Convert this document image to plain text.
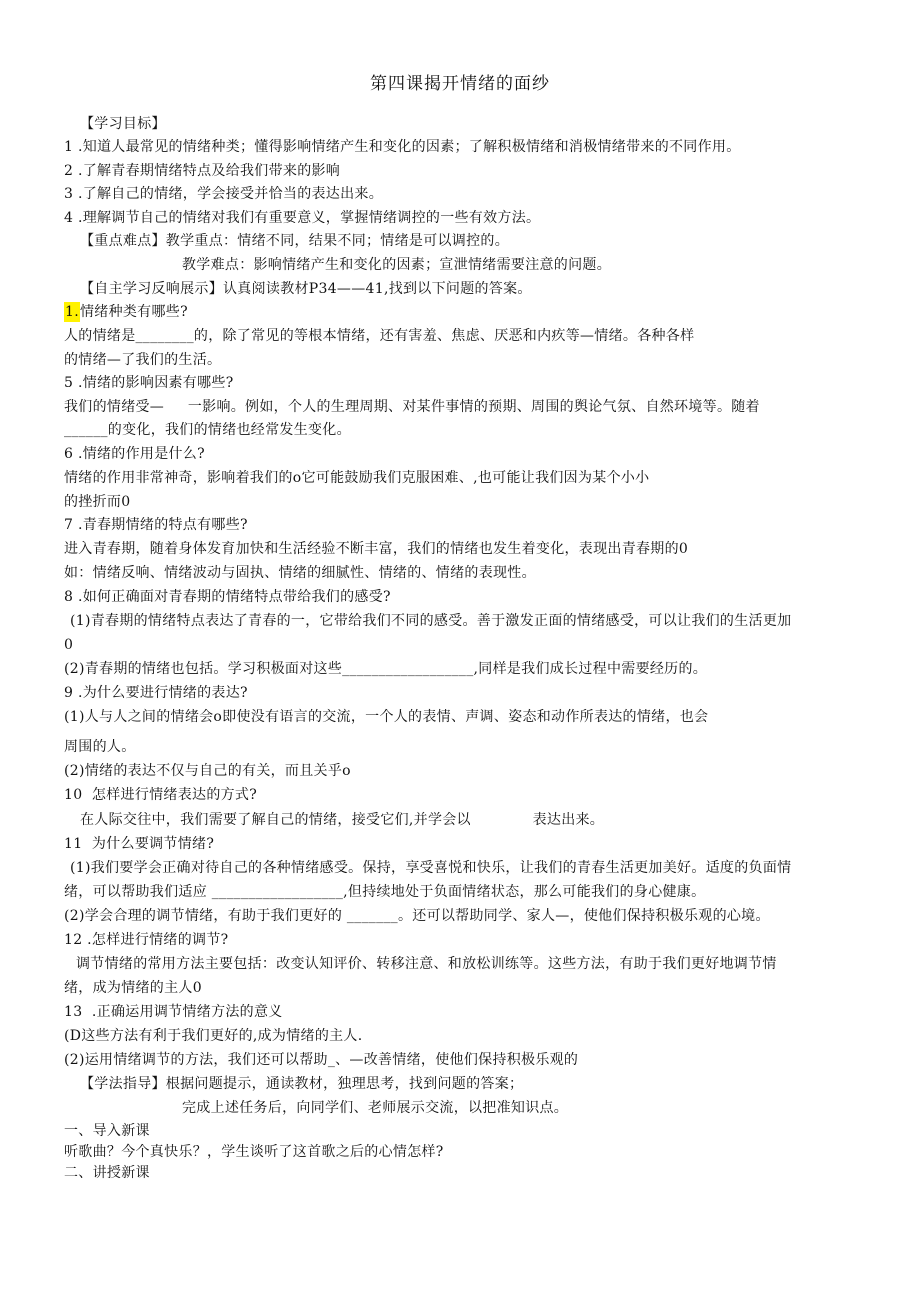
第四课揭开情绪的面纱
【学习目标】
1 .知道人最常见的情绪种类；懂得影响情绪产生和变化的因素；了解积极情绪和消极情绪带来的不同作用。
2 .了解青春期情绪特点及给我们带来的影响
3 .了解自己的情绪，学会接受并恰当的表达出来。
4 .理解调节自己的情绪对我们有重要意义，掌握情绪调控的一些有效方法。
【重点难点】教学重点：情绪不同，结果不同；情绪是可以调控的。
教学难点：影响情绪产生和变化的因素；宣泄情绪需要注意的问题。
【自主学习反响展示】认真阅读教材P34——41,找到以下问题的答案。
1.情绪种类有哪些?
人的情绪是________的，除了常见的等根本情绪，还有害羞、焦虑、厌恶和内疚等—情绪。各种各样
的情绪—了我们的生活。
5 .情绪的影响因素有哪些?
我们的情绪受—     一影响。例如，个人的生理周期、对某件事情的预期、周围的舆论气氛、自然环境等。随着
______的变化，我们的情绪也经常发生变化。
6 .情绪的作用是什么?
情绪的作用非常神奇，影响着我们的o它可能鼓励我们克服困难、,也可能让我们因为某个小小
的挫折而0
7 .青春期情绪的特点有哪些?
进入青春期，随着身体发育加快和生活经验不断丰富，我们的情绪也发生着变化，表现出青春期的0
如：情绪反响、情绪波动与固执、情绪的细腻性、情绪的、情绪的表现性。
8 .如何正确面对青春期的情绪特点带给我们的感受?
(1)青春期的情绪特点表达了青春的一，它带给我们不同的感受。善于激发正面的情绪感受，可以让我们的生活更加
0
(2)青春期的情绪也包括。学习积极面对这些__________________,同样是我们成长过程中需要经历的。
9 .为什么要进行情绪的表达?
(1)人与人之间的情绪会o即使没有语言的交流，一个人的表情、声调、姿态和动作所表达的情绪，也会
周围的人。
(2)情绪的表达不仅与自己的有关，而且关乎o
10  怎样进行情绪表达的方式?
在人际交往中，我们需要了解自己的情绪，接受它们,并学会以             表达出来。
11  为什么要调节情绪?
(1)我们要学会正确对待自己的各种情绪感受。保持，享受喜悦和快乐，让我们的青春生活更加美好。适度的负面情
绪，可以帮助我们适应 __________________,但持续地处于负面情绪状态，那么可能我们的身心健康。
(2)学会合理的调节情绪，有助于我们更好的 _______。还可以帮助同学、家人—，使他们保持积极乐观的心境。
12 .怎样进行情绪的调节?
调节情绪的常用方法主要包括：改变认知评价、转移注意、和放松训练等。这些方法，有助于我们更好地调节情
绪，成为情绪的主人0
13  .正确运用调节情绪方法的意义
(D这些方法有利于我们更好的,成为情绪的主人.
(2)运用情绪调节的方法，我们还可以帮助_、—改善情绪，使他们保持积极乐观的
【学法指导】根据问题提示，通读教材，独理思考，找到问题的答案；
完成上述任务后，向同学们、老师展示交流，以把准知识点。
一、导入新课
听歌曲？今个真快乐？，学生谈听了这首歌之后的心情怎样?
二、讲授新课
